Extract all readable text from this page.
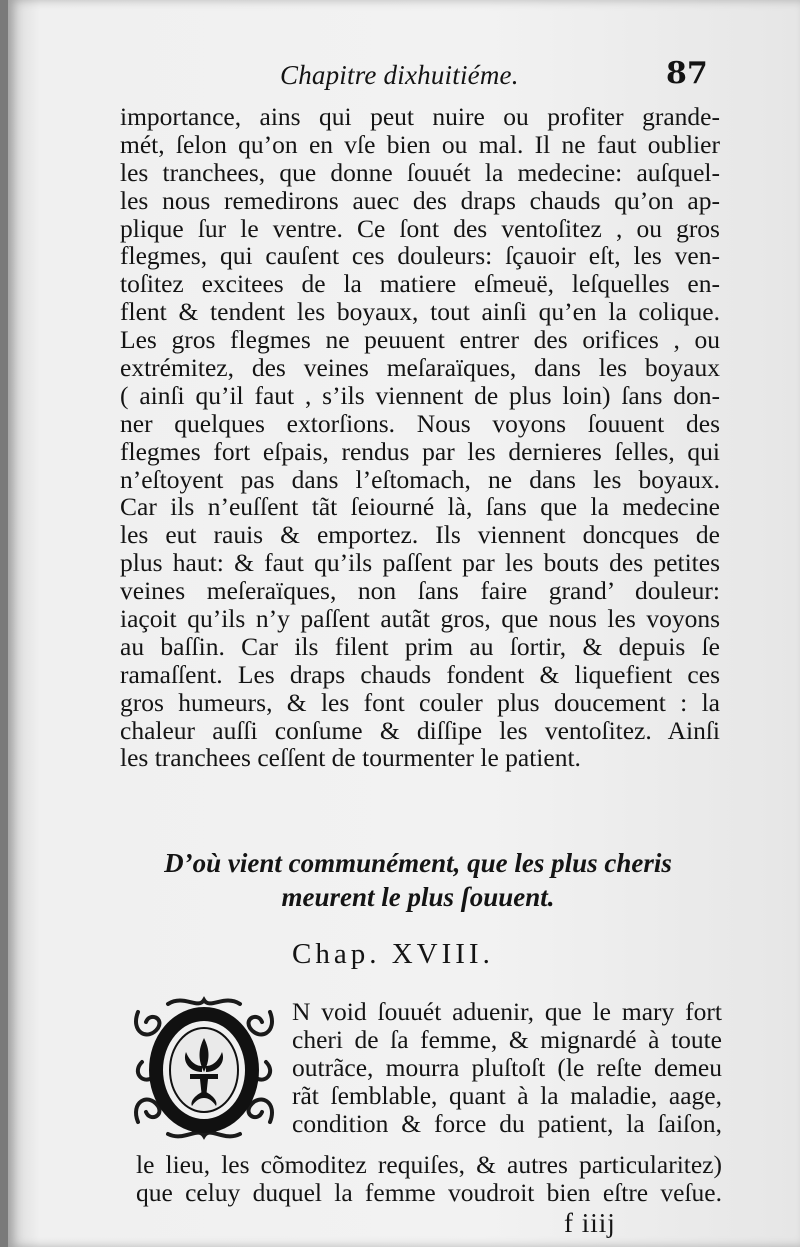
Chapitre dixhuitiéme.	87
importance, ains qui peut nuire ou profiter grande-
mét, ſelon qu’on en vſe bien ou mal. Il ne faut oublier
les tranchees, que donne ſouuét la medecine: auſquel-
les nous remedirons auec des draps chauds qu’on ap-
plique ſur le ventre. Ce ſont des ventoſitez , ou gros
flegmes, qui cauſent ces douleurs: ſçauoir eſt, les ven-
toſitez excitees de la matiere eſmeuë, leſquelles en-
flent & tendent les boyaux, tout ainſi qu’en la colique.
Les gros flegmes ne peuuent entrer des orifices , ou
extrémitez, des veines meſaraïques, dans les boyaux
( ainſi qu’il faut , s’ils viennent de plus loin) ſans don-
ner quelques extorſions. Nous voyons ſouuent des
flegmes fort eſpais, rendus par les dernieres ſelles, qui
n’eſtoyent pas dans l’eſtomach, ne dans les boyaux.
Car ils n’euſſent tãt ſeiourné là, ſans que la medecine
les eut rauis & emportez. Ils viennent doncques de
plus haut: & faut qu’ils paſſent par les bouts des petites
veines meſeraïques, non ſans faire grand’ douleur:
iaçoit qu’ils n’y paſſent autãt gros, que nous les voyons
au baſſin. Car ils filent prim au ſortir, & depuis ſe
ramaſſent. Les draps chauds fondent & liquefient ces
gros humeurs, & les font couler plus doucement : la
chaleur auſſi conſume & diſſipe les ventoſitez. Ainſi
les tranchees ceſſent de tourmenter le patient.
D’où vient communément, que les plus cheris
meurent le plus ſouuent.
Chap. XVIII.
N void ſouuét aduenir, que le mary fort
cheri de ſa femme, & mignardé à toute
outrãce, mourra pluſtoſt (le reſte demeu
rãt ſemblable, quant à la maladie, aage,
condition & force du patient, la ſaiſon,
le lieu, les cõmoditez requiſes, & autres particularitez)
que celuy duquel la femme voudroit bien eſtre veſue.
f iiij
